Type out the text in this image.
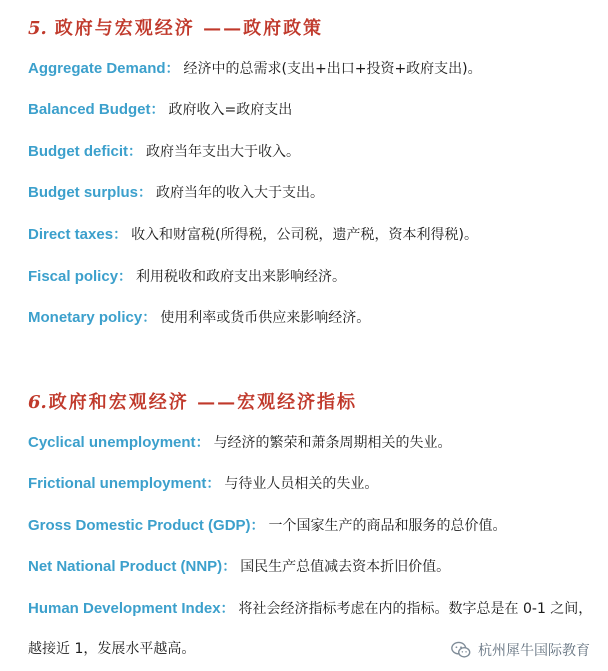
5. 政府与宏观经济 ——政府政策
Aggregate Demand： 经济中的总需求(支出+出口+投资+政府支出)。
Balanced Budget： 政府收入=政府支出
Budget deficit： 政府当年支出大于收入。
Budget surplus： 政府当年的收入大于支出。
Direct taxes： 收入和财富税(所得税，公司税，遗产税，资本利得税)。
Fiscal policy： 利用税收和政府支出来影响经济。
Monetary policy： 使用利率或货币供应来影响经济。
6. 政府和宏观经济 ——宏观经济指标
Cyclical unemployment： 与经济的繁荣和萧条周期相关的失业。
Frictional unemployment： 与待业人员相关的失业。
Gross Domestic Product (GDP)： 一个国家生产的商品和服务的总价值。
Net National Product (NNP)： 国民生产总值减去资本折旧价值。
Human Development Index： 将社会经济指标考虑在内的指标。数字总是在 0-1 之间，越接近 1，发展水平越高。	杭州犀牛国际教育
